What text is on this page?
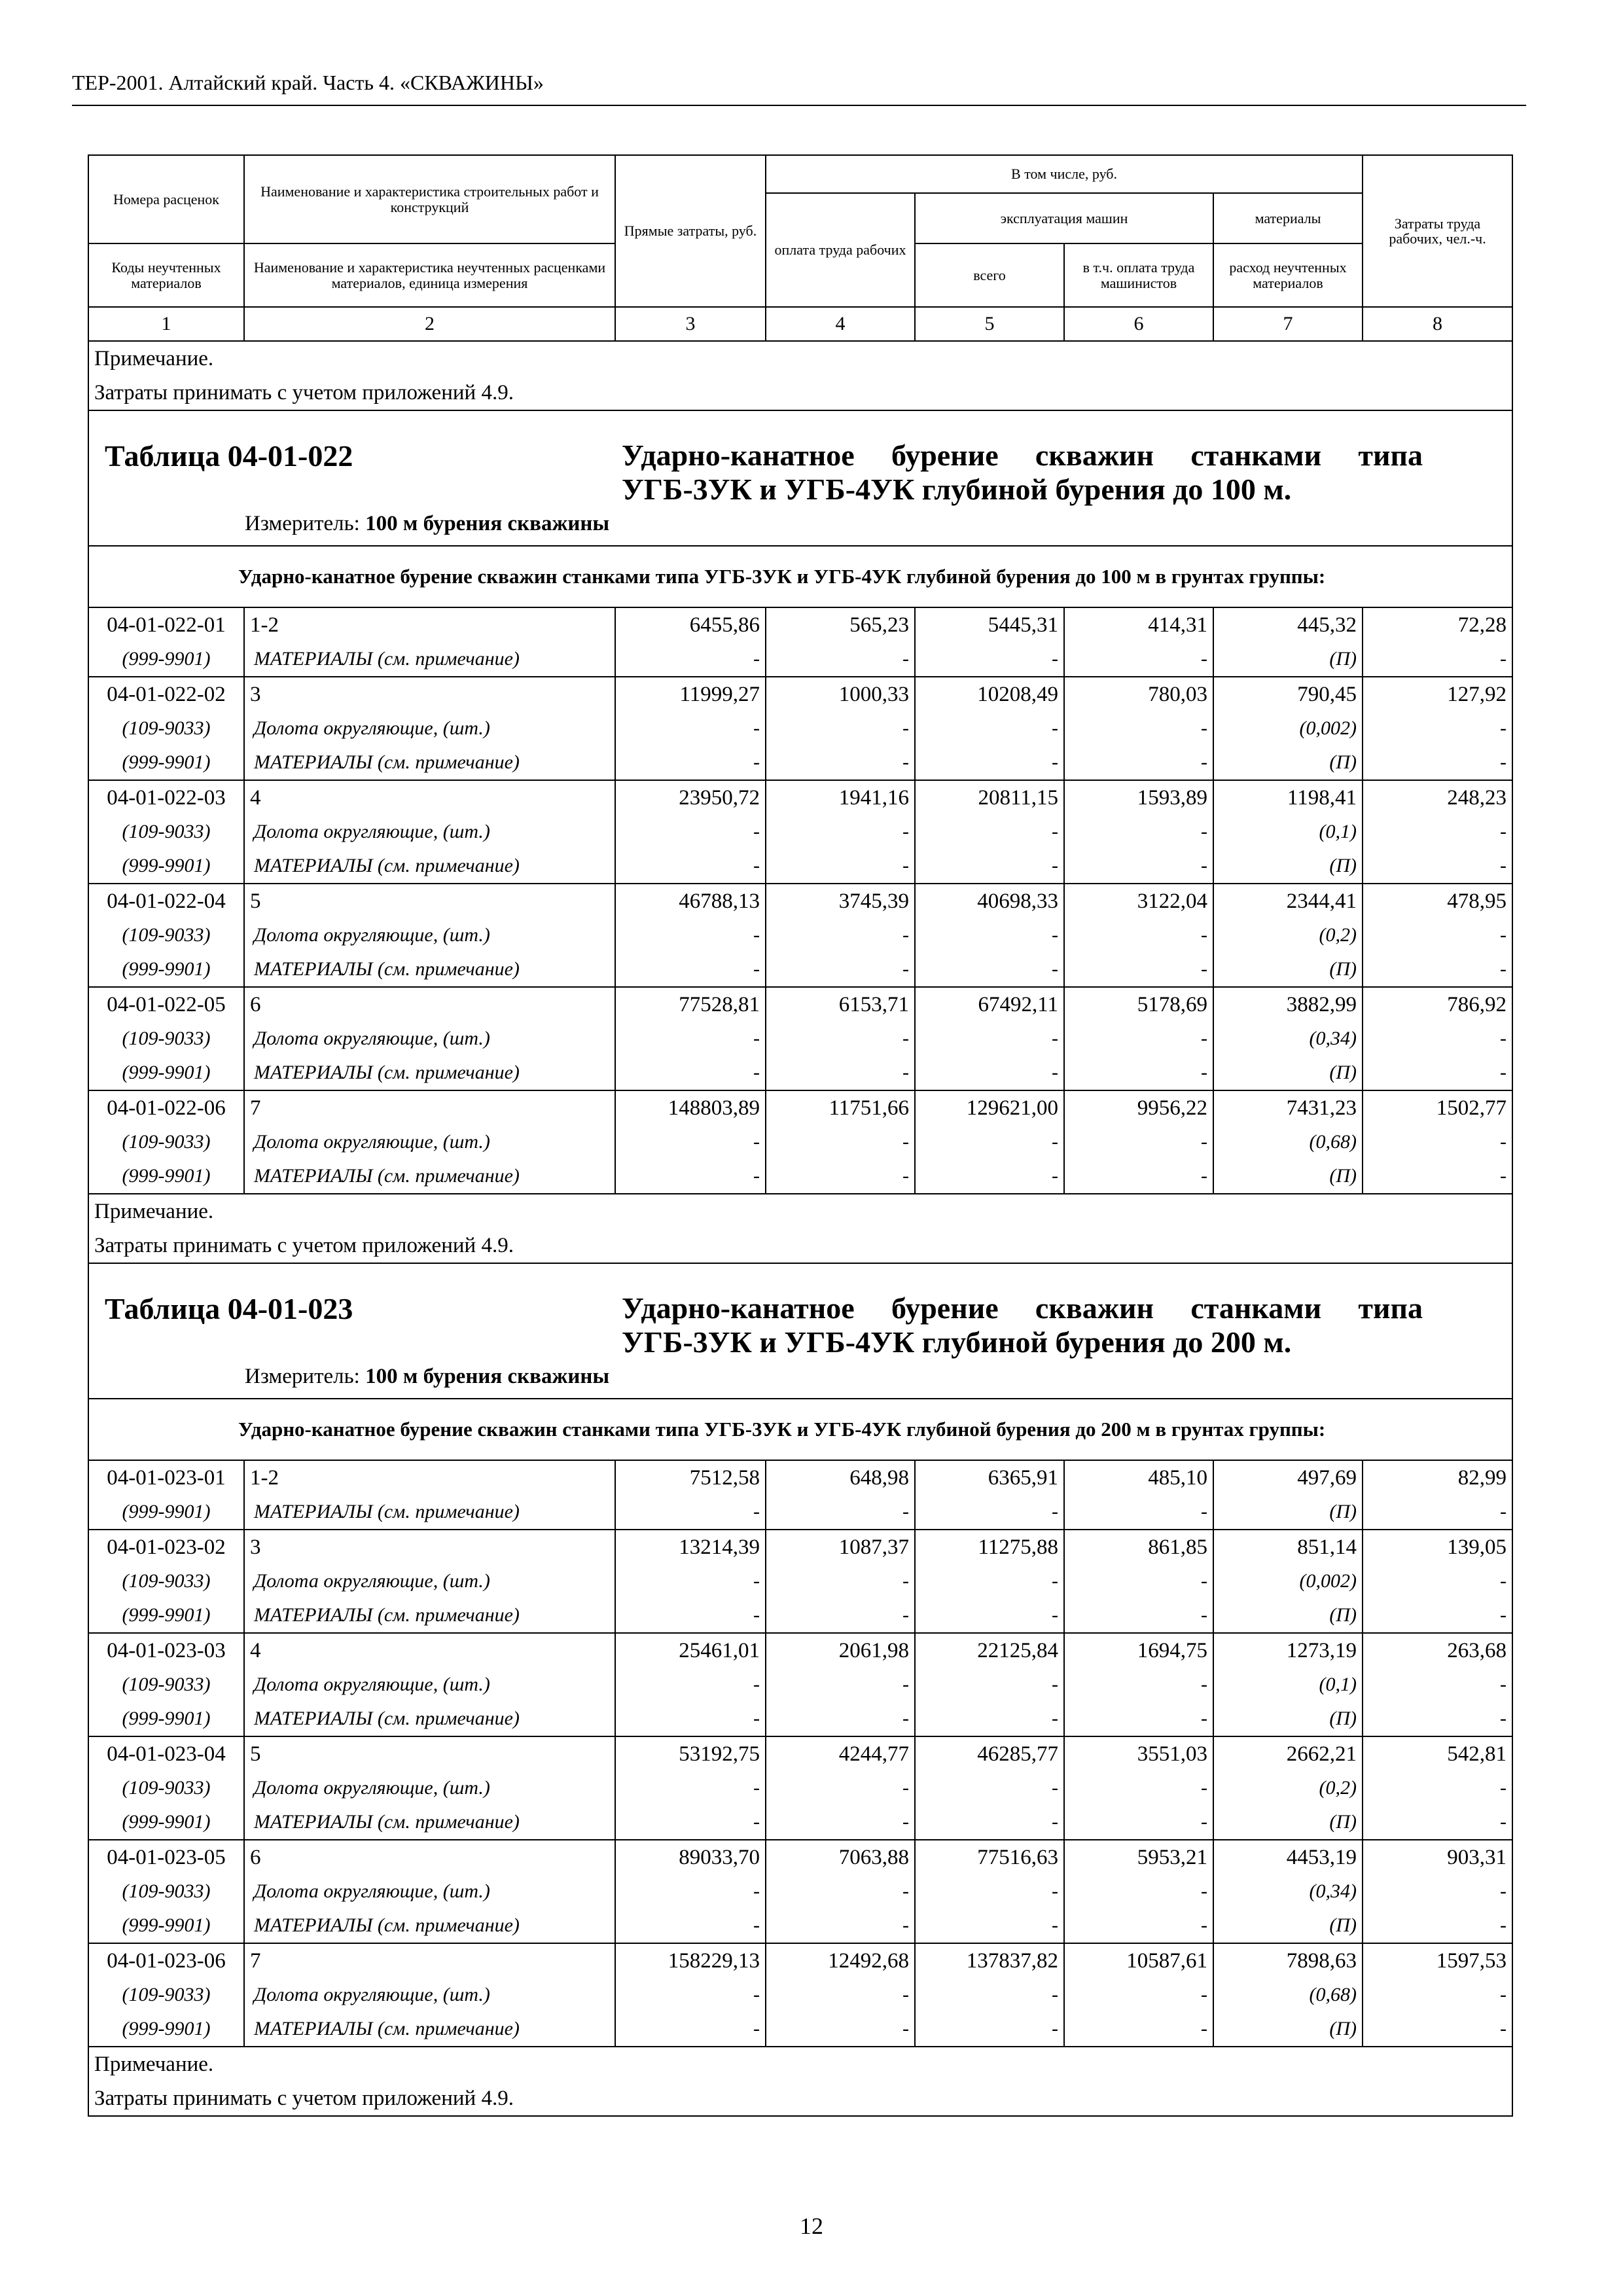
ТЕР-2001. Алтайский край. Часть 4. «СКВАЖИНЫ»
Номера расценок	Наименование и характеристика строительных работ и конструкций	Прямые затраты, руб.	В том числе, руб.				Затраты труда рабочих, чел.-ч.
			оплата труда рабочих	эксплуатация машин		материалы	
Коды неучтенных материалов	Наименование и характеристика неучтенных расценками материалов, единица измерения			всего	в т.ч. оплата труда машинистов	расход неучтенных материалов	
1	2	3	4	5	6	7	8

Примечание.
Затраты принимать с учетом приложений 4.9.							

Таблица 04-01-022 Ударно-канатное бурение скважин станками типа УГБ-3УК и УГБ-4УК глубиной бурения до 100 м.
Измеритель: 100 м бурения скважины							

Ударно-канатное бурение скважин станками типа УГБ-3УК и УГБ-4УК глубиной бурения до 100 м в грунтах группы:							

04-01-022-01	1-2	6455,86	565,23	5445,31	414,31	445,32	72,28
(999-9901)	МАТЕРИАЛЫ (см. примечание)	-	-	-	-	(П)	-
04-01-022-02	3	11999,27	1000,33	10208,49	780,03	790,45	127,92
(109-9033)	Долота округляющие, (шт.)	-	-	-	-	(0,002)	-
(999-9901)	МАТЕРИАЛЫ (см. примечание)	-	-	-	-	(П)	-
04-01-022-03	4	23950,72	1941,16	20811,15	1593,89	1198,41	248,23
(109-9033)	Долота округляющие, (шт.)	-	-	-	-	(0,1)	-
(999-9901)	МАТЕРИАЛЫ (см. примечание)	-	-	-	-	(П)	-
04-01-022-04	5	46788,13	3745,39	40698,33	3122,04	2344,41	478,95
(109-9033)	Долота округляющие, (шт.)	-	-	-	-	(0,2)	-
(999-9901)	МАТЕРИАЛЫ (см. примечание)	-	-	-	-	(П)	-
04-01-022-05	6	77528,81	6153,71	67492,11	5178,69	3882,99	786,92
(109-9033)	Долота округляющие, (шт.)	-	-	-	-	(0,34)	-
(999-9901)	МАТЕРИАЛЫ (см. примечание)	-	-	-	-	(П)	-
04-01-022-06	7	148803,89	11751,66	129621,00	9956,22	7431,23	1502,77
(109-9033)	Долота округляющие, (шт.)	-	-	-	-	(0,68)	-
(999-9901)	МАТЕРИАЛЫ (см. примечание)	-	-	-	-	(П)	-

Примечание.
Затраты принимать с учетом приложений 4.9.							

Таблица 04-01-023 Ударно-канатное бурение скважин станками типа УГБ-3УК и УГБ-4УК глубиной бурения до 200 м.
Измеритель: 100 м бурения скважины							

Ударно-канатное бурение скважин станками типа УГБ-3УК и УГБ-4УК глубиной бурения до 200 м в грунтах группы:							

04-01-023-01	1-2	7512,58	648,98	6365,91	485,10	497,69	82,99
(999-9901)	МАТЕРИАЛЫ (см. примечание)	-	-	-	-	(П)	-
04-01-023-02	3	13214,39	1087,37	11275,88	861,85	851,14	139,05
(109-9033)	Долота округляющие, (шт.)	-	-	-	-	(0,002)	-
(999-9901)	МАТЕРИАЛЫ (см. примечание)	-	-	-	-	(П)	-
04-01-023-03	4	25461,01	2061,98	22125,84	1694,75	1273,19	263,68
(109-9033)	Долота округляющие, (шт.)	-	-	-	-	(0,1)	-
(999-9901)	МАТЕРИАЛЫ (см. примечание)	-	-	-	-	(П)	-
04-01-023-04	5	53192,75	4244,77	46285,77	3551,03	2662,21	542,81
(109-9033)	Долота округляющие, (шт.)	-	-	-	-	(0,2)	-
(999-9901)	МАТЕРИАЛЫ (см. примечание)	-	-	-	-	(П)	-
04-01-023-05	6	89033,70	7063,88	77516,63	5953,21	4453,19	903,31
(109-9033)	Долота округляющие, (шт.)	-	-	-	-	(0,34)	-
(999-9901)	МАТЕРИАЛЫ (см. примечание)	-	-	-	-	(П)	-
04-01-023-06	7	158229,13	12492,68	137837,82	10587,61	7898,63	1597,53
(109-9033)	Долота округляющие, (шт.)	-	-	-	-	(0,68)	-
(999-9901)	МАТЕРИАЛЫ (см. примечание)	-	-	-	-	(П)	-

Примечание.
Затраты принимать с учетом приложений 4.9.							
12
